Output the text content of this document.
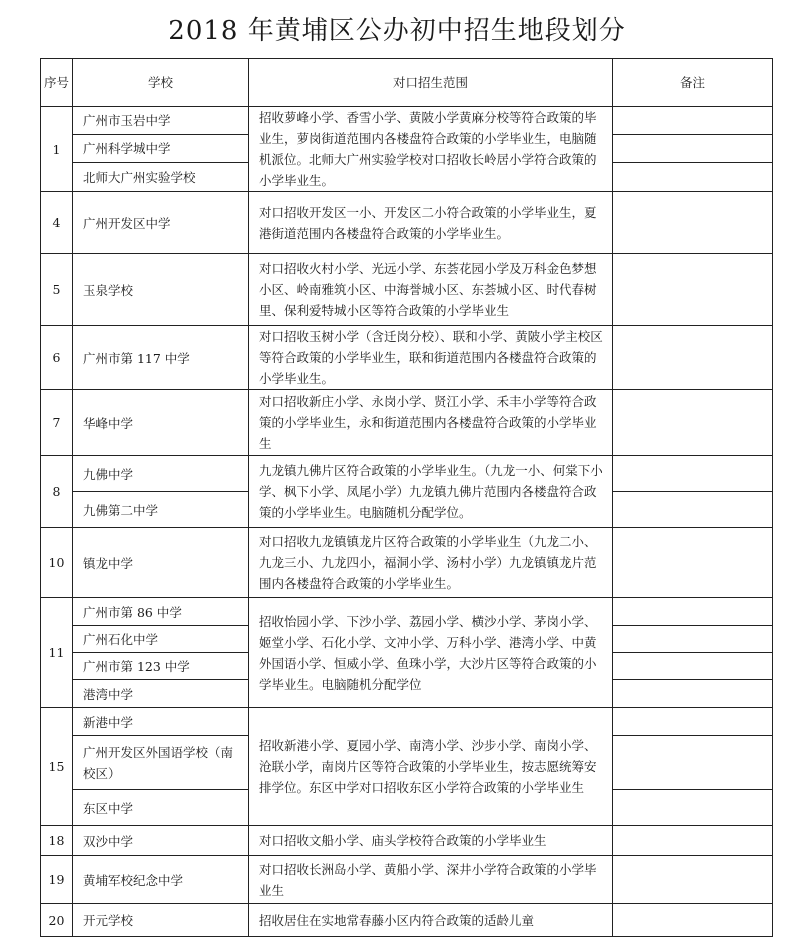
2018 年黄埔区公办初中招生地段划分
序号	学校	对口招生范围	备注
1	广州市玉岩中学	招收萝峰小学、香雪小学、黄陂小学黄麻分校等符合政策的毕业生，萝岗街道范围内各楼盘符合政策的小学毕业生，电脑随机派位。北师大广州实验学校对口招收长岭居小学符合政策的小学毕业生。	
	广州科学城中学		
	北师大广州实验学校		
4	广州开发区中学	对口招收开发区一小、开发区二小符合政策的小学毕业生，夏港街道范围内各楼盘符合政策的小学毕业生。	
5	玉泉学校	对口招收火村小学、光远小学、东荟花园小学及万科金色梦想小区、岭南雅筑小区、中海誉城小区、东荟城小区、时代春树里、保利爱特城小区等符合政策的小学毕业生	
6	广州市第 117 中学	对口招收玉树小学（含迁岗分校）、联和小学、黄陂小学主校区等符合政策的小学毕业生，联和街道范围内各楼盘符合政策的小学毕业生。	
7	华峰中学	对口招收新庄小学、永岗小学、贤江小学、禾丰小学等符合政策的小学毕业生，永和街道范围内各楼盘符合政策的小学毕业生	
8	九佛中学	九龙镇九佛片区符合政策的小学毕业生。（九龙一小、何棠下小学、枫下小学、凤尾小学）九龙镇九佛片范围内各楼盘符合政策的小学毕业生。电脑随机分配学位。	
	九佛第二中学		
10	镇龙中学	对口招收九龙镇镇龙片区符合政策的小学毕业生（九龙二小、九龙三小、九龙四小，福洞小学、汤村小学）九龙镇镇龙片范围内各楼盘符合政策的小学毕业生。	
11	广州市第 86 中学	招收怡园小学、下沙小学、荔园小学、横沙小学、茅岗小学、姬堂小学、石化小学、文冲小学、万科小学、港湾小学、中黄外国语小学、恒威小学、鱼珠小学，大沙片区等符合政策的小学毕业生。电脑随机分配学位	
	广州石化中学		
	广州市第 123 中学		
	港湾中学		
15	新港中学	招收新港小学、夏园小学、南湾小学、沙步小学、南岗小学、沧联小学，南岗片区等符合政策的小学毕业生，按志愿统筹安排学位。东区中学对口招收东区小学符合政策的小学毕业生	
	广州开发区外国语学校（南校区）		
	东区中学		
18	双沙中学	对口招收文船小学、庙头学校符合政策的小学毕业生	
19	黄埔军校纪念中学	对口招收长洲岛小学、黄船小学、深井小学符合政策的小学毕业生	
20	开元学校	招收居住在实地常春藤小区内符合政策的适龄儿童	
